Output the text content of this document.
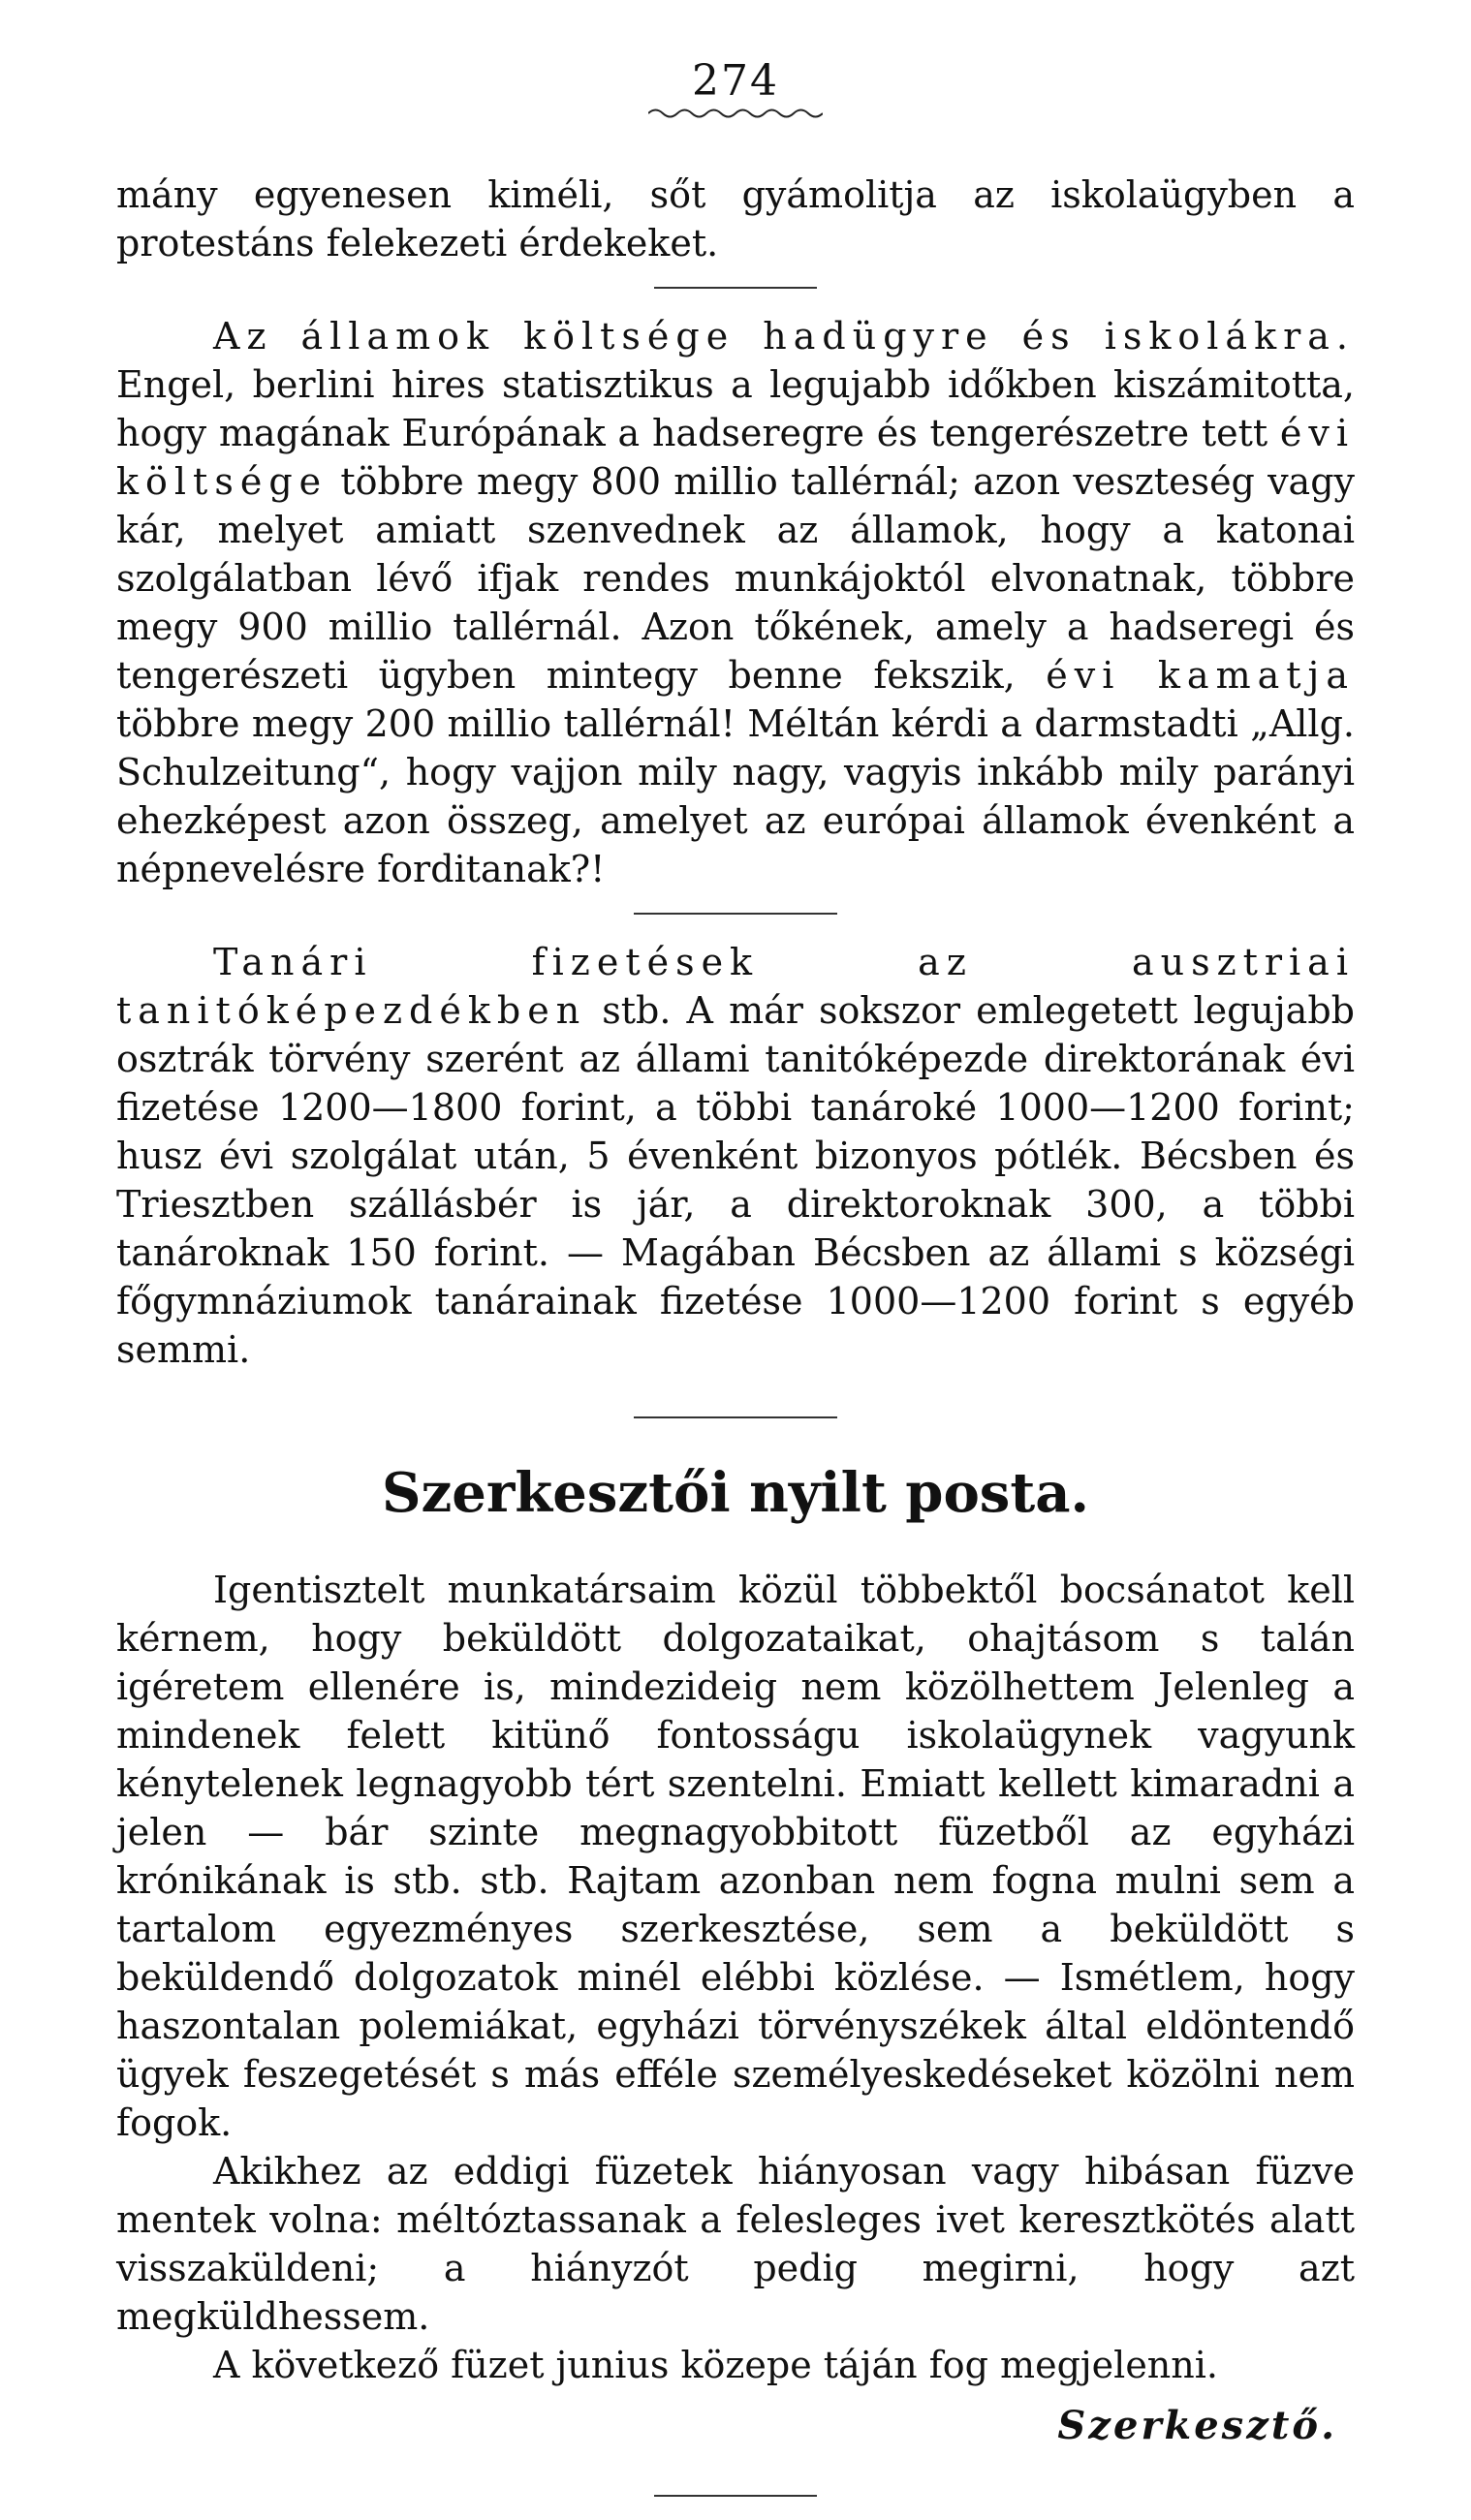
274

mány egyenesen kiméli, sőt gyámolitja az iskolaügyben a protestáns felekezeti érdekeket.

Az államok költsége hadügyre és iskolákra. Engel, berlini hires statisztikus a legujabb időkben kiszámitotta, hogy magának Európának a hadseregre és tengerészetre tett évi költsége többre megy 800 millio tallérnál; azon veszteség vagy kár, melyet amiatt szenvednek az államok, hogy a katonai szolgálatban lévő ifjak rendes munkájoktól elvonatnak, többre megy 900 millio tallérnál. Azon tőkének, amely a hadseregi és tengerészeti ügyben mintegy benne fekszik, évi kamatja többre megy 200 millio tallérnál! Méltán kérdi a darmstadti „Allg. Schulzeitung“, hogy vajjon mily nagy, vagyis inkább mily parányi ehezképest azon összeg, amelyet az európai államok évenként a népnevelésre forditanak?!

Tanári fizetések az ausztriai tanitóképezdékben stb. A már sokszor emlegetett legujabb osztrák törvény szerént az állami tanitóképezde direktorának évi fizetése 1200—1800 forint, a többi tanároké 1000—1200 forint; husz évi szolgálat után, 5 évenként bizonyos pótlék. Bécsben és Triesztben szállásbér is jár, a direktoroknak 300, a többi tanároknak 150 forint. — Magában Bécsben az állami s községi főgymnáziumok tanárainak fizetése 1000—1200 forint s egyéb semmi.

Szerkesztői nyilt posta.

Igentisztelt munkatársaim közül többektől bocsánatot kell kérnem, hogy beküldött dolgozataikat, ohajtásom s talán igéretem ellenére is, mindezideig nem közölhettem Jelenleg a mindenek felett kitünő fontosságu iskolaügynek vagyunk kénytelenek legnagyobb tért szentelni. Emiatt kellett kimaradni a jelen — bár szinte megnagyobbitott füzetből az egyházi krónikának is stb. stb. Rajtam azonban nem fogna mulni sem a tartalom egyezményes szerkesztése, sem a beküldött s beküldendő dolgozatok minél elébbi közlése. — Ismétlem, hogy haszontalan polemiákat, egyházi törvényszékek által eldöntendő ügyek feszegetését s más efféle személyeskedéseket közölni nem fogok.

Akikhez az eddigi füzetek hiányosan vagy hibásan füzve mentek volna: méltóztassanak a felesleges ivet keresztkötés alatt visszaküldeni; a hiányzót pedig megirni, hogy azt megküldhessem.

A következő füzet junius közepe táján fog megjelenni.

Szerkesztő.
